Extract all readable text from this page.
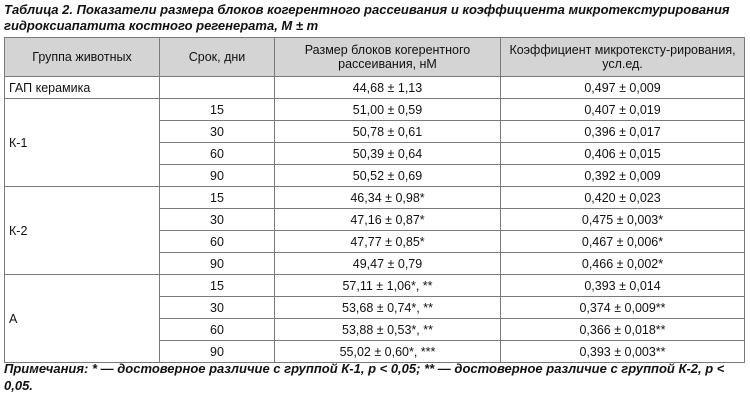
Таблица 2. Показатели размера блоков когерентного рассеивания и коэффициента микротекстурирования гидроксиапатита костного регенерата, M ± m
Группа животных	Срок, дни	Размер блоков когерентного рассеивания, нМ	Коэффициент микротексту-рирования, усл.ед.
ГАП керамика		44,68 ± 1,13	0,497 ± 0,009
К-1	15	51,00 ± 0,59	0,407 ± 0,019
	30	50,78 ± 0,61	0,396 ± 0,017
	60	50,39 ± 0,64	0,406 ± 0,015
	90	50,52 ± 0,69	0,392 ± 0,009
К-2	15	46,34 ± 0,98*	0,420 ± 0,023
	30	47,16 ± 0,87*	0,475 ± 0,003*
	60	47,77 ± 0,85*	0,467 ± 0,006*
	90	49,47 ± 0,79	0,466 ± 0,002*
А	15	57,11 ± 1,06*, **	0,393 ± 0,014
	30	53,68 ± 0,74*, **	0,374 ± 0,009**
	60	53,88 ± 0,53*, **	0,366 ± 0,018**
	90	55,02 ± 0,60*, ***	0,393 ± 0,003**
Примечания: * — достоверное различие с группой К-1, p < 0,05; ** — достоверное различие с группой К-2, p < 0,05.
